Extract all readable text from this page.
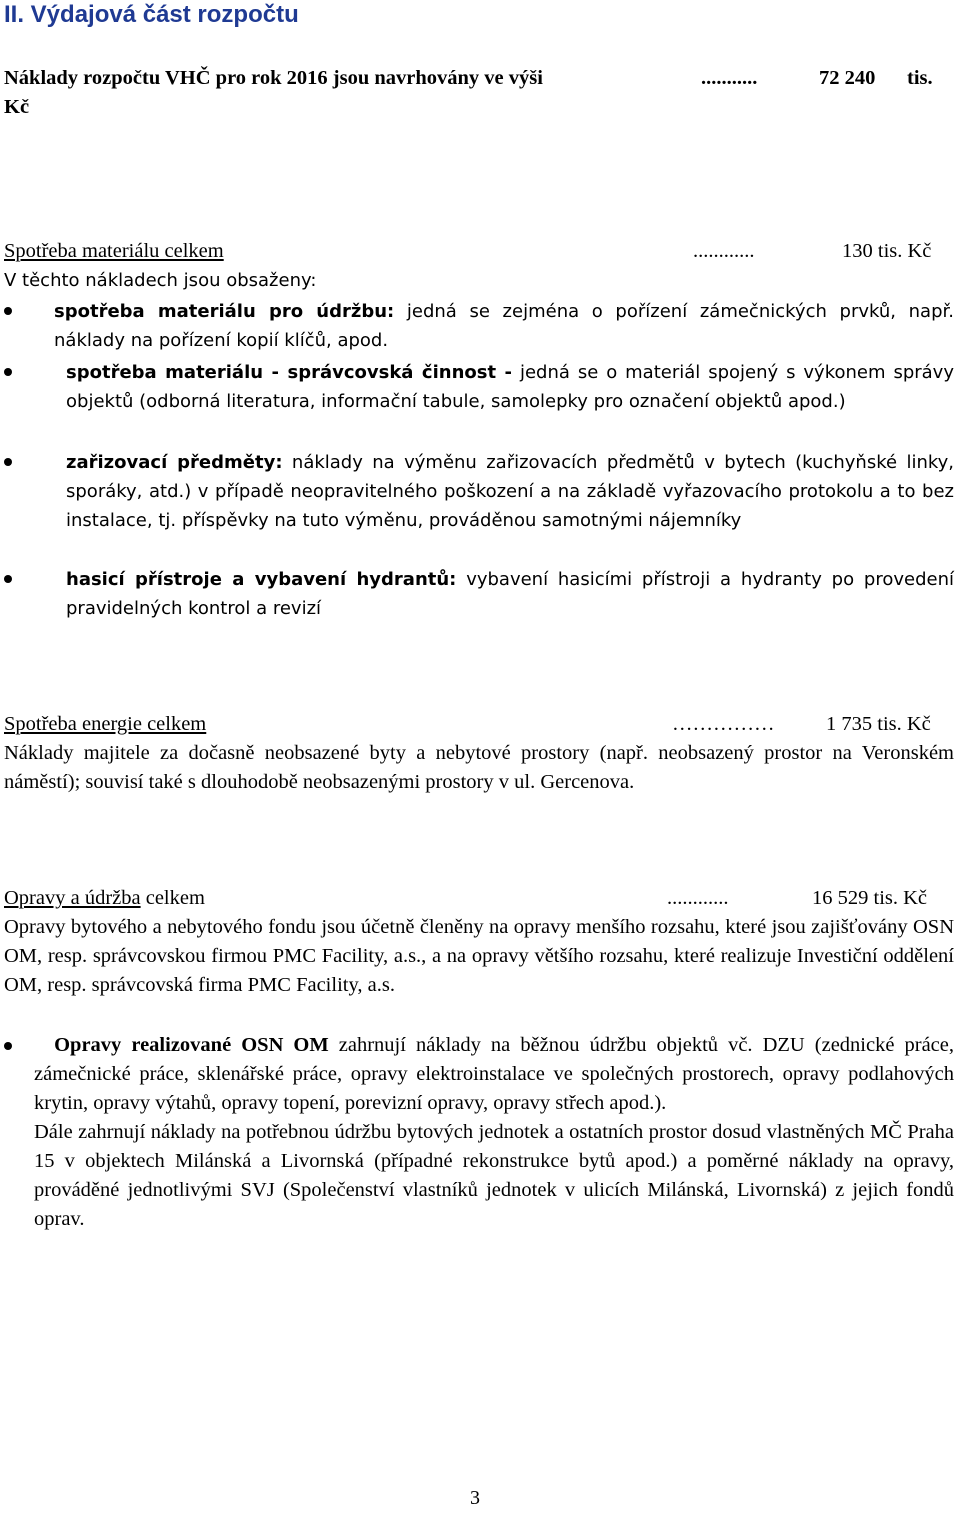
II. Výdajová část rozpočtu
Náklady rozpočtu VHČ pro rok 2016 jsou navrhovány ve výši	...........	72 240 tis.
Kč
Spotřeba materiálu celkem	............	130 tis. Kč
V těchto nákladech jsou obsaženy:
spotřeba materiálu pro údržbu: jedná se zejména o pořízení zámečnických prvků, např. náklady na pořízení kopií klíčů, apod.
spotřeba materiálu - správcovská činnost - jedná se o materiál spojený s výkonem správy objektů (odborná literatura, informační tabule, samolepky pro označení objektů apod.)
zařizovací předměty: náklady na výměnu zařizovacích předmětů v bytech (kuchyňské linky, sporáky, atd.) v případě neopravitelného poškození a na základě vyřazovacího protokolu a to bez instalace, tj. příspěvky na tuto výměnu, prováděnou samotnými nájemníky
hasicí přístroje a vybavení hydrantů: vybavení hasicími přístroji a hydranty po provedení pravidelných kontrol a revizí
Spotřeba energie celkem	……………	1 735 tis. Kč
Náklady majitele za dočasně neobsazené byty a nebytové prostory (např. neobsazený prostor na Veronském náměstí); souvisí také s dlouhodobě neobsazenými prostory v ul. Gercenova.
Opravy a údržba celkem	............	16 529 tis. Kč
Opravy bytového a nebytového fondu jsou účetně členěny na opravy menšího rozsahu, které jsou zajišťovány OSN OM, resp. správcovskou firmou PMC Facility, a.s., a na opravy většího rozsahu, které realizuje Investiční oddělení OM, resp. správcovská firma PMC Facility, a.s.
Opravy realizované OSN OM zahrnují náklady na běžnou údržbu objektů vč. DZU (zednické práce, zámečnické práce, sklenářské práce, opravy elektroinstalace ve společných prostorech, opravy podlahových krytin, opravy výtahů, opravy topení, porevizní opravy, opravy střech apod.).
Dále zahrnují náklady na potřebnou údržbu bytových jednotek a ostatních prostor dosud vlastněných MČ Praha 15 v objektech Milánská a Livornská (případné rekonstrukce bytů apod.) a poměrné náklady na opravy, prováděné jednotlivými SVJ (Společenství vlastníků jednotek v ulicích Milánská, Livornská) z jejich fondů oprav.
3
